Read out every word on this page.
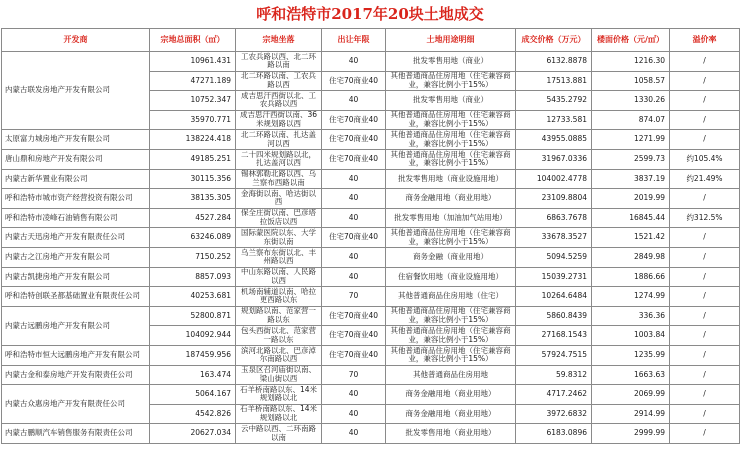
呼和浩特市2017年20块土地成交
开发商	宗地总面积（㎡）	宗地坐落	出让年限	土地用途明细	成交价格（万元）	楼面价格（元/㎡）	溢价率
内蒙古联发房地产开发有限公司	10961.431	工农兵路以西、北二环路以南	40	批发零售用地（商业）	6132.8878	1216.30	/
	47271.189	北二环路以南、工农兵路以西	住宅70商业40	其他普通商品住房用地（住宅兼容商业，兼容比例小于15%）	17513.881	1058.57	/
	10752.347	成吉思汗西街以北、工农兵路以西	40	批发零售用地（商业）	5435.2792	1330.26	/
	35970.771	成吉思汗西街以南、36米规划路以西	住宅70商业40	其他普通商品住房用地（住宅兼容商业，兼容比例小于15%）	12733.581	874.07	/
太原富力城房地产开发有限公司	138224.418	北二环路以南、扎达盖河以西	住宅70商业40	其他普通商品住房用地（住宅兼容商业，兼容比例小于15%）	43955.0885	1271.99	/
唐山鼎和房地产开发有限公司	49185.251	二十四米规划路以北，扎达盖河以西	住宅70商业40	其他普通商品住房用地（住宅兼容商业，兼容比例小于15%）	31967.0336	2599.73	约105.4%
内蒙古新华置业有限公司	30115.356	锡林郭勒北路以西、乌兰察布西路以南	40	批发零售用地（商业设施用地）	104002.4778	3837.19	约21.49%
呼和浩特市城市资产经营投资有限公司	38135.305	金海街以南、哈达街以西	40	商务金融用地（商业用地）	23109.8804	2019.99	/
呼和浩特市凌峰石油销售有限公司	4527.284	保全庄街以南、巴彦塔拉饭店以西	40	批发零售用地（加油加气站用地）	6863.7678	16845.44	约312.5%
内蒙古天迅房地产开发有限责任公司	63246.089	国际蒙医院以东、大学东街以南	住宅70商业40	其他普通商品住房用地（住宅兼容商业，兼容比例小于15%）	33678.3527	1521.42	/
内蒙古之江房地产开发有限公司	7150.252	乌兰察布东街以北、丰州路以西	40	商务金融（商业用地）	5094.5259	2849.98	/
内蒙古凯捷房地产开发有限公司	8857.093	中山东路以南、人民路以西	40	住宿餐饮用地（商业设施用地）	15039.2731	1886.66	/
呼和浩特创联圣都基础置业有限责任公司	40253.681	机场南辅道以南、哈拉更西路以东	70	其他普通商品住房用地（住宅）	10264.6484	1274.99	/
内蒙古远鹏房地产开发有限公司	52800.871	规划路以南、范家营一路以东	住宅70商业40	其他普通商品住房用地（住宅兼容商业，兼容比例小于15%）	5860.8439	336.36	/
	104092.944	包头西街以北、范家营一路以东	住宅70商业40	其他普通商品住房用地（住宅兼容商业，兼容比例小于15%）	27168.1543	1003.84	/
呼和浩特市恒大远鹏房地产开发有限公司	187459.956	滨河北路以北、巴彦淖尔南路以西	住宅70商业40	其他普通商品住房用地（住宅兼容商业，兼容比例小于15%）	57924.7515	1235.99	/
内蒙古金和泰房地产开发有限责任公司	163.474	玉泉区召河庙街以南、梁山街以西	70	其他普通商品住房用地	59.8312	1663.63	/
内蒙古众惠房地产开发有限责任公司	5064.167	石羊桥南路以东、14米规划路以北	40	商务金融用地（商业用地）	4717.2462	2069.99	/
	4542.826	石羊桥南路以东、14米规划路以北	40	商务金融用地（商业用地）	3972.6832	2914.99	/
内蒙古鹏顺汽车销售服务有限责任公司	20627.034	云中路以西、二环南路以南	40	批发零售用地（商业用地）	6183.0896	2999.99	/
